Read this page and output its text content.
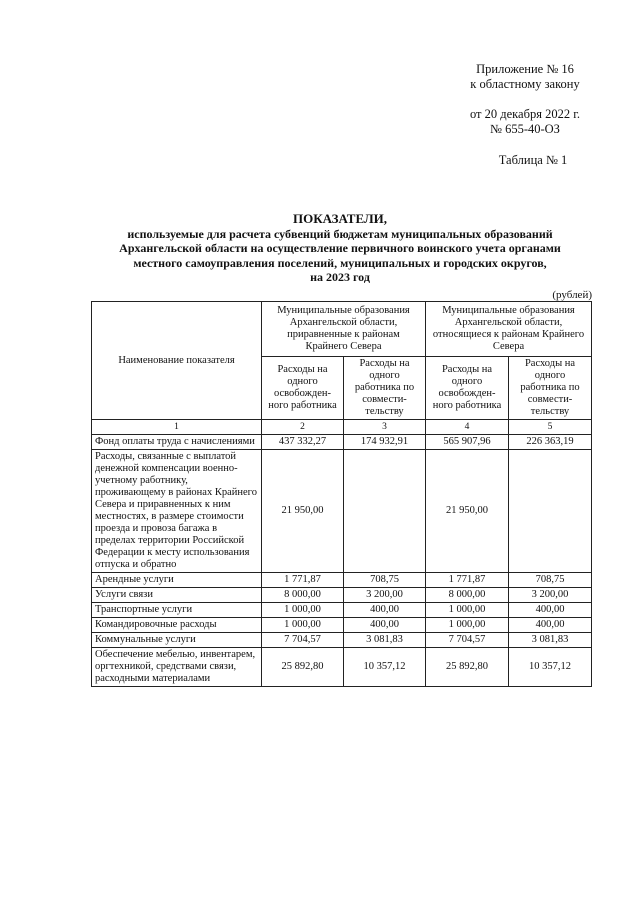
Приложение № 16
к областному закону
от 20 декабря 2022 г.
№ 655-40-ОЗ
Таблица № 1
ПОКАЗАТЕЛИ,
используемые для расчета субвенций бюджетам муниципальных образований
Архангельской области на осуществление первичного воинского учета органами
местного самоуправления поселений, муниципальных и городских округов,
на 2023 год
(рублей)
Наименование показателя	Муниципальные образования Архангельской области, приравненные к районам Крайнего Севера		Муниципальные образования Архангельской области, относящиеся к районам Крайнего Севера	
	Расходы на одного освобожден-ного работника	Расходы на одного работника по совмести-тельству	Расходы на одного освобожден-ного работника	Расходы на одного работника по совмести-тельству
1	2	3	4	5
Фонд оплаты труда с начислениями	437 332,27	174 932,91	565 907,96	226 363,19
Расходы, связанные с выплатой денежной компенсации военно-учетному работнику, проживающему в районах Крайнего Севера и приравненных к ним местностях, в размере стоимости проезда и провоза багажа в пределах территории Российской Федерации к месту использования отпуска и обратно	21 950,00		21 950,00	
Арендные услуги	1 771,87	708,75	1 771,87	708,75
Услуги связи	8 000,00	3 200,00	8 000,00	3 200,00
Транспортные услуги	1 000,00	400,00	1 000,00	400,00
Командировочные расходы	1 000,00	400,00	1 000,00	400,00
Коммунальные услуги	7 704,57	3 081,83	7 704,57	3 081,83
Обеспечение мебелью, инвентарем, оргтехникой, средствами связи, расходными материалами	25 892,80	10 357,12	25 892,80	10 357,12
